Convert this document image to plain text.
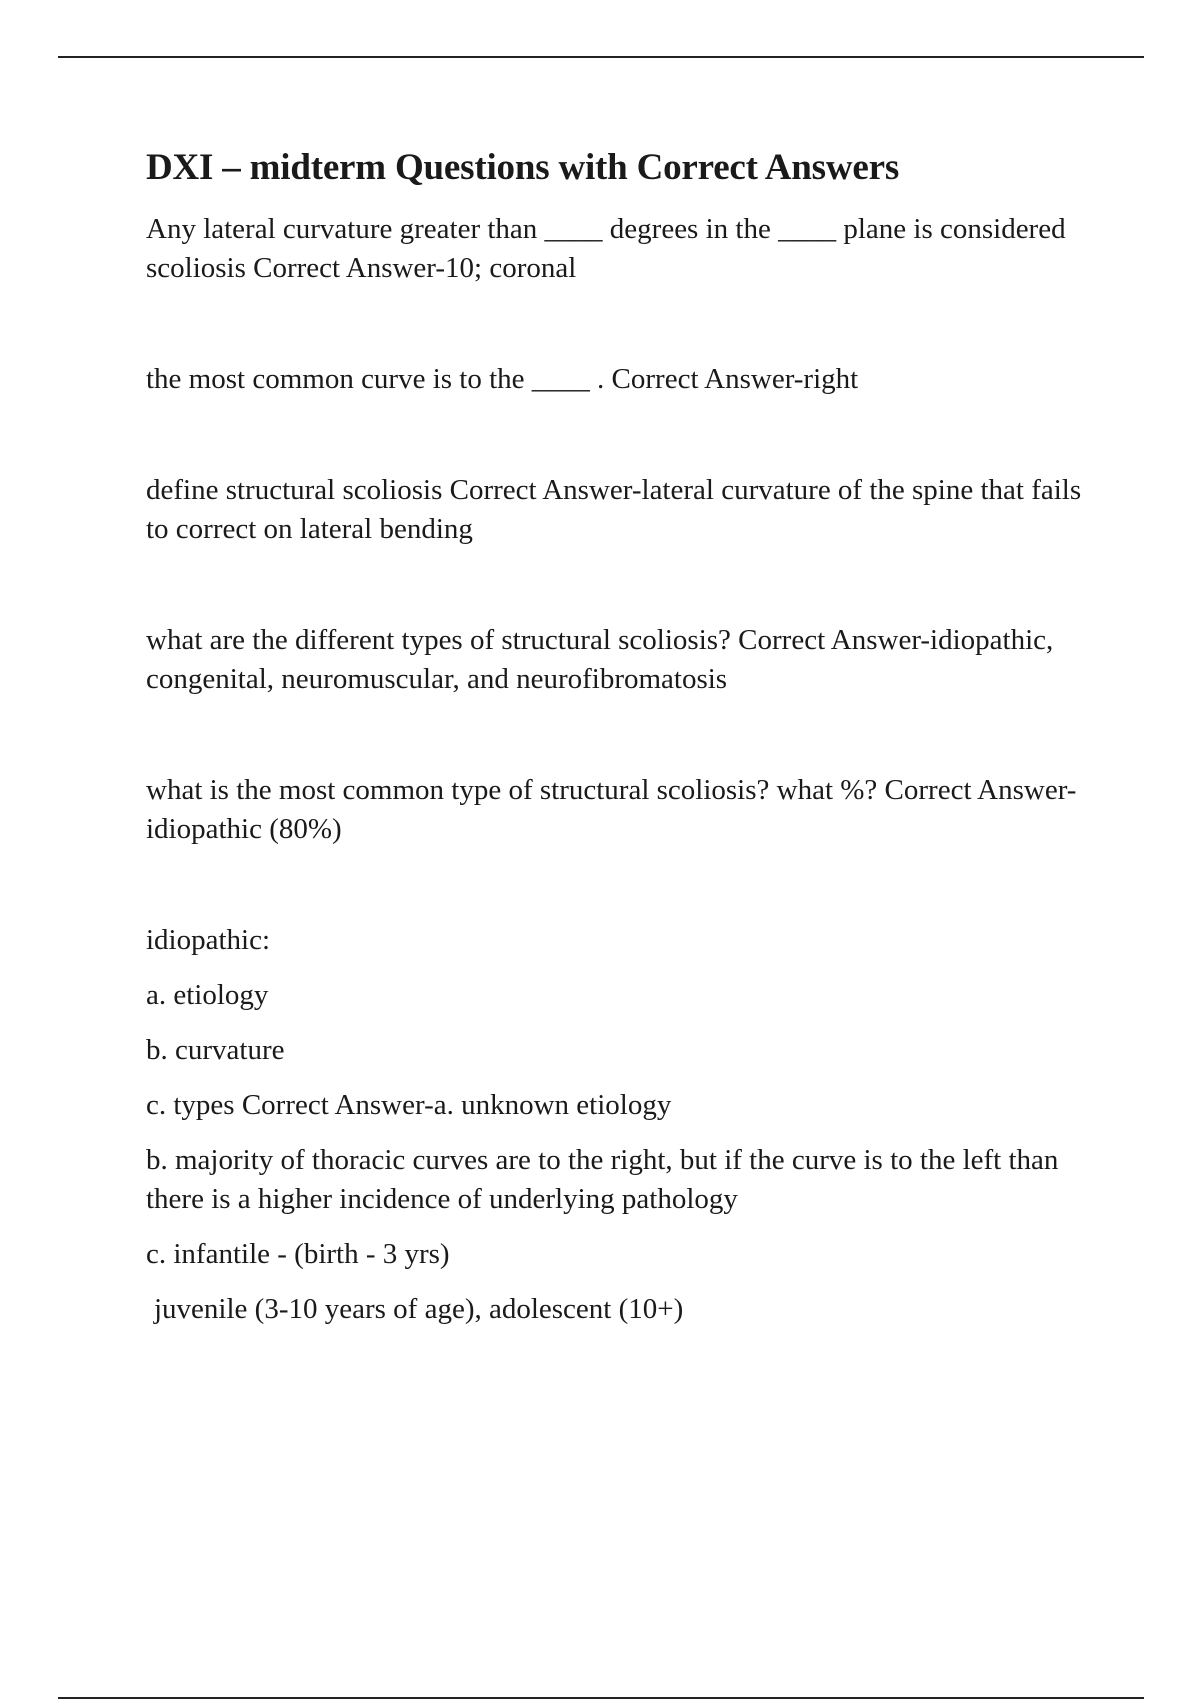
DXI – midterm Questions with Correct Answers

Any lateral curvature greater than ____ degrees in the ____ plane is considered scoliosis Correct Answer-10; coronal

the most common curve is to the ____ . Correct Answer-right

define structural scoliosis Correct Answer-lateral curvature of the spine that fails to correct on lateral bending

what are the different types of structural scoliosis? Correct Answer-idiopathic, congenital, neuromuscular, and neurofibromatosis

what is the most common type of structural scoliosis? what %? Correct Answer-idiopathic (80%)

idiopathic:

a. etiology

b. curvature

c. types Correct Answer-a. unknown etiology

b. majority of thoracic curves are to the right, but if the curve is to the left than there is a higher incidence of underlying pathology

c. infantile - (birth - 3 yrs)

juvenile (3-10 years of age), adolescent (10+)
